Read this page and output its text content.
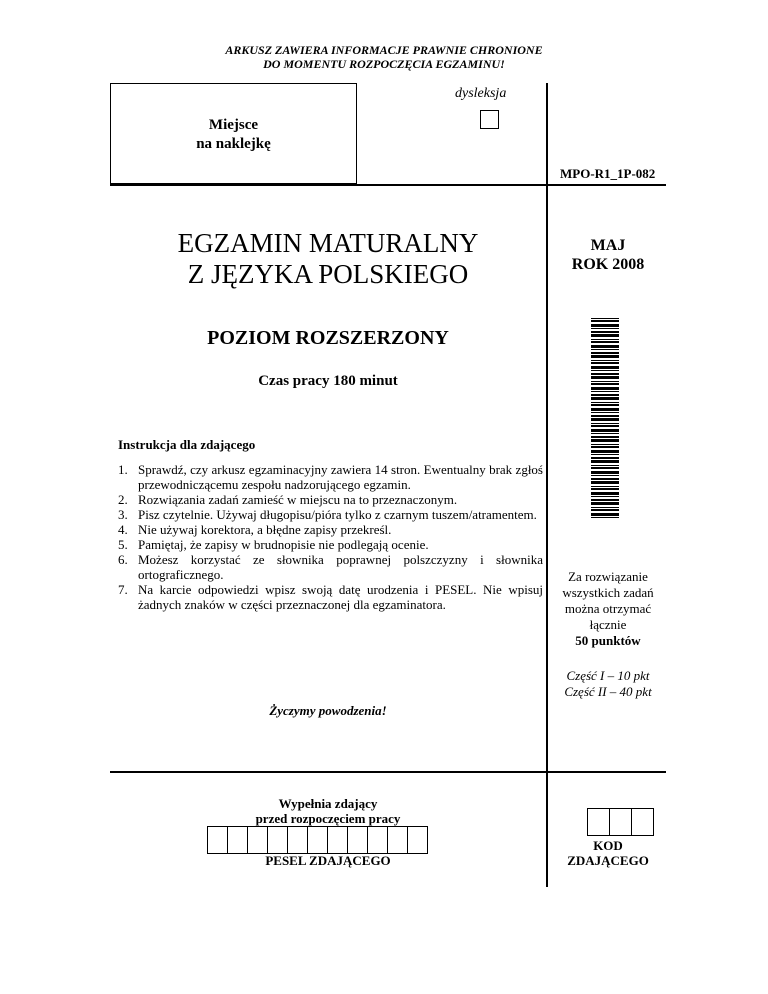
ARKUSZ ZAWIERA INFORMACJE PRAWNIE CHRONIONE
DO MOMENTU ROZPOCZĘCIA EGZAMINU!
Miejsce
na naklejkę
dysleksja
MPO-R1_1P-082
EGZAMIN MATURALNY
Z JĘZYKA POLSKIEGO
POZIOM ROZSZERZONY
Czas pracy 180 minut
MAJ
ROK 2008
Instrukcja dla zdającego
1. Sprawdź, czy arkusz egzaminacyjny zawiera 14 stron. Ewentualny brak zgłoś przewodniczącemu zespołu nadzorującego egzamin.
2. Rozwiązania zadań zamieść w miejscu na to przeznaczonym.
3. Pisz czytelnie. Używaj długopisu/pióra tylko z czarnym tuszem/atramentem.
4. Nie używaj korektora, a błędne zapisy przekreśl.
5. Pamiętaj, że zapisy w brudnopisie nie podlegają ocenie.
6. Możesz korzystać ze słownika poprawnej polszczyzny i słownika ortograficznego.
7. Na karcie odpowiedzi wpisz swoją datę urodzenia i PESEL. Nie wpisuj żadnych znaków w części przeznaczonej dla egzaminatora.
Życzymy powodzenia!
Za rozwiązanie
wszystkich zadań
można otrzymać
łącznie
50 punktów
Część I – 10 pkt
Część II – 40 pkt
Wypełnia zdający
przed rozpoczęciem pracy
PESEL ZDAJĄCEGO
KOD
ZDAJĄCEGO
